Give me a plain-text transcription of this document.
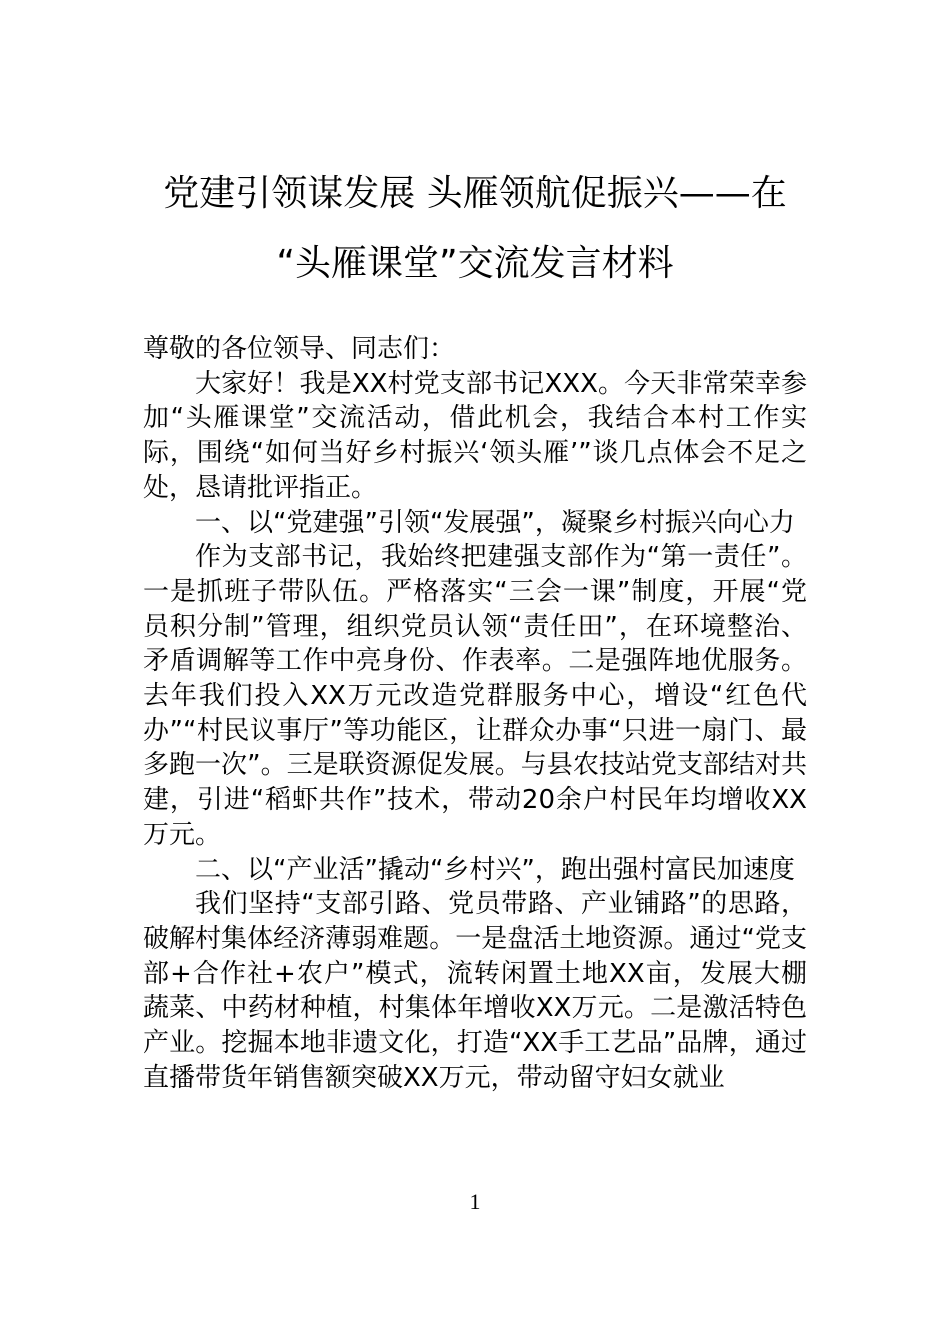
党建引领谋发展 头雁领航促振兴——在
“头雁课堂”交流发言材料

尊敬的各位领导、同志们：

大家好！我是XX村党支部书记XXX。今天非常荣幸参加“头雁课堂”交流活动，借此机会，我结合本村工作实际，围绕“如何当好乡村振兴‘领头雁’”谈几点体会不足之处，恳请批评指正。

一、以“党建强”引领“发展强”，凝聚乡村振兴向心力

作为支部书记，我始终把建强支部作为“第一责任”。一是抓班子带队伍。严格落实“三会一课”制度，开展“党员积分制”管理，组织党员认领“责任田”，在环境整治、矛盾调解等工作中亮身份、作表率。二是强阵地优服务。去年我们投入XX万元改造党群服务中心，增设“红色代办”“村民议事厅”等功能区，让群众办事“只进一扇门、最多跑一次”。三是联资源促发展。与县农技站党支部结对共建，引进“稻虾共作”技术，带动20余户村民年均增收XX万元。

二、以“产业活”撬动“乡村兴”，跑出强村富民加速度

我们坚持“支部引路、党员带路、产业铺路”的思路，破解村集体经济薄弱难题。一是盘活土地资源。通过“党支部+合作社+农户”模式，流转闲置土地XX亩，发展大棚蔬菜、中药材种植，村集体年增收XX万元。二是激活特色产业。挖掘本地非遗文化，打造“XX手工艺品”品牌，通过直播带货年销售额突破XX万元，带动留守妇女就业

1
